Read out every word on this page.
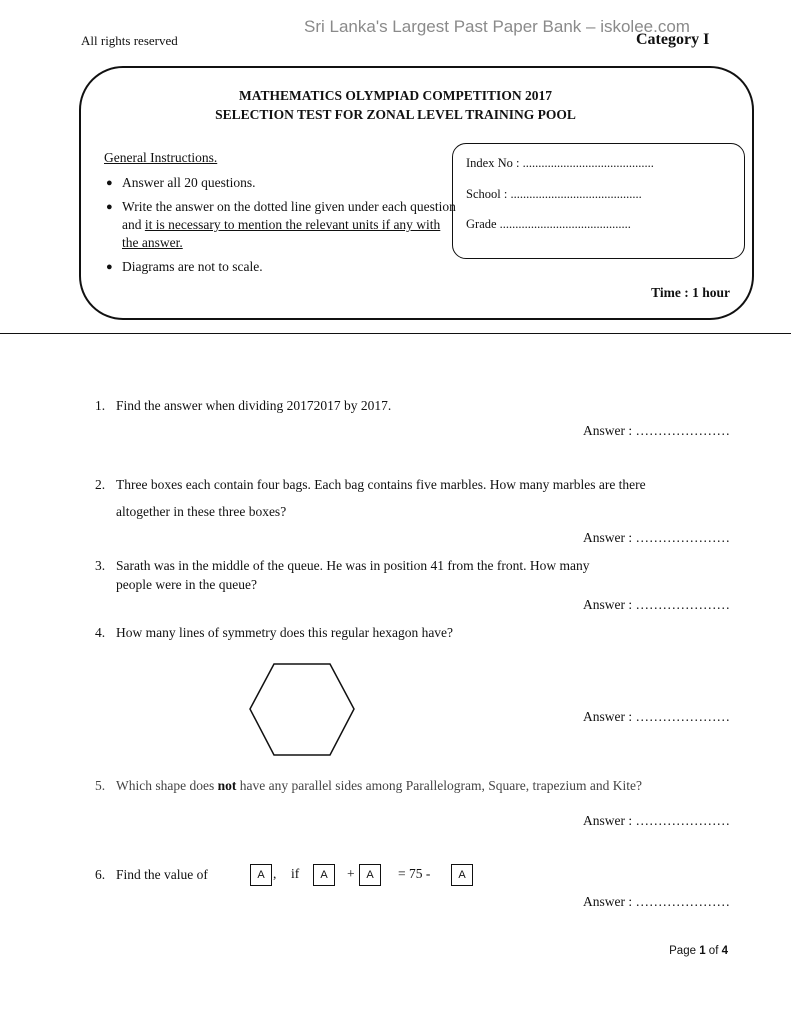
Sri Lanka's Largest Past Paper Bank – iskolee.com
All rights reserved	Category I
MATHEMATICS OLYMPIAD COMPETITION 2017
SELECTION TEST FOR ZONAL LEVEL TRAINING POOL
General Instructions.
● Answer all 20 questions.
● Write the answer on the dotted line given under each question and it is necessary to mention the relevant units if any with the answer.
● Diagrams are not to scale.
Index No : ..........................................
School : ..........................................
Grade ..........................................
Time : 1 hour
1. Find the answer when dividing 20172017 by 2017.
Answer : …………………
2. Three boxes each contain four bags. Each bag contains five marbles. How many marbles are there
altogether in these three boxes?
Answer : …………………
3. Sarath was in the middle of the queue. He was in position 41 from the front. How many
people were in the queue?
Answer : …………………
4. How many lines of symmetry does this regular hexagon have?
Answer : …………………
5. Which shape does not have any parallel sides among Parallelogram, Square, trapezium and Kite?
Answer : …………………
6. Find the value of	A , if	A	+	A	= 75 -	A
Answer : …………………
Page 1 of 4
